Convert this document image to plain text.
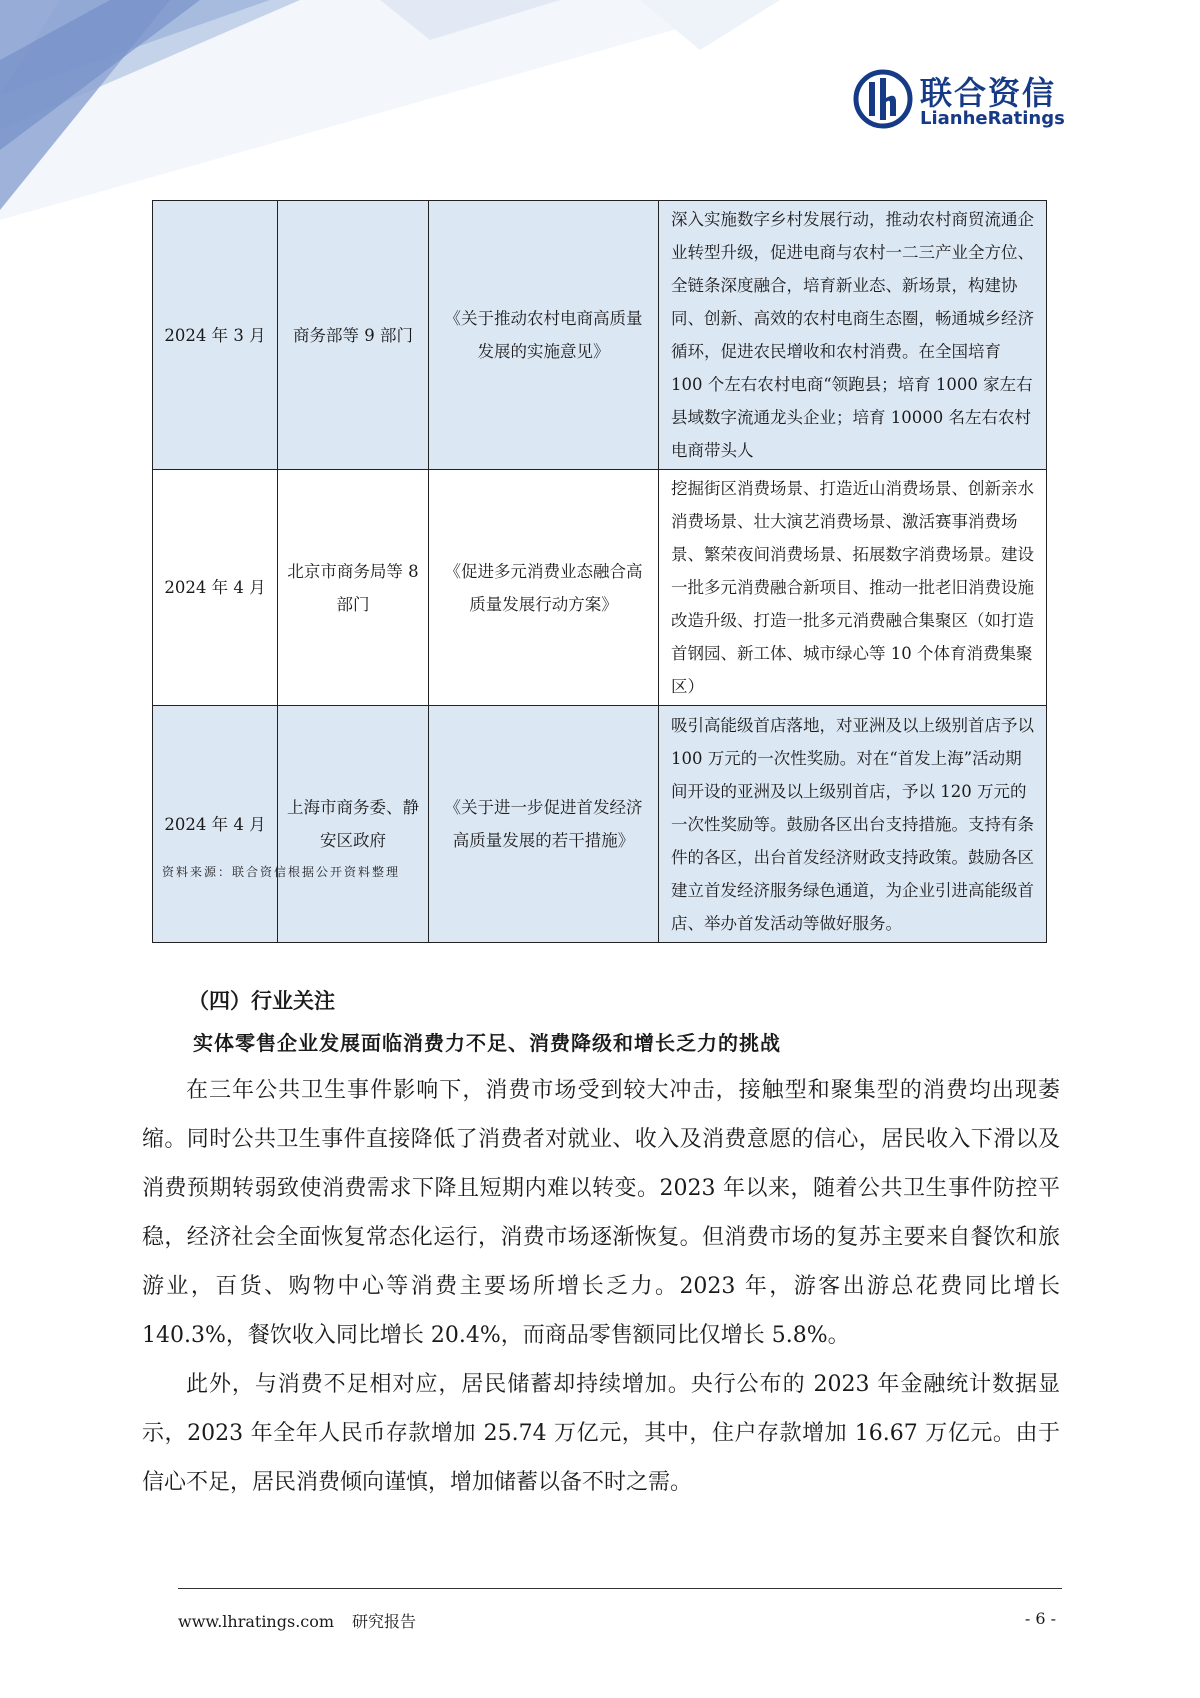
联合资信
LianheRatings
2024 年 3 月	商务部等 9 部门	《关于推动农村电商高质量发展的实施意见》	深入实施数字乡村发展行动，推动农村商贸流通企业转型升级，促进电商与农村一二三产业全方位、全链条深度融合，培育新业态、新场景，构建协同、创新、高效的农村电商生态圈，畅通城乡经济循环，促进农民增收和农村消费。在全国培育 100 个左右农村电商“领跑县；培育 1000 家左右县域数字流通龙头企业；培育 10000 名左右农村电商带头人
2024 年 4 月	北京市商务局等 8 部门	《促进多元消费业态融合高质量发展行动方案》	挖掘街区消费场景、打造近山消费场景、创新亲水消费场景、壮大演艺消费场景、激活赛事消费场景、繁荣夜间消费场景、拓展数字消费场景。建设一批多元消费融合新项目、推动一批老旧消费设施改造升级、打造一批多元消费融合集聚区（如打造首钢园、新工体、城市绿心等 10 个体育消费集聚区）
2024 年 4 月	上海市商务委、静安区政府	《关于进一步促进首发经济高质量发展的若干措施》	吸引高能级首店落地，对亚洲及以上级别首店予以 100 万元的一次性奖励。对在“首发上海”活动期间开设的亚洲及以上级别首店，予以 120 万元的一次性奖励等。鼓励各区出台支持措施。支持有条件的各区，出台首发经济财政支持政策。鼓励各区建立首发经济服务绿色通道，为企业引进高能级首店、举办首发活动等做好服务。
资料来源：联合资信根据公开资料整理
（四）行业关注
实体零售企业发展面临消费力不足、消费降级和增长乏力的挑战

在三年公共卫生事件影响下，消费市场受到较大冲击，接触型和聚集型的消费均出现萎缩。同时公共卫生事件直接降低了消费者对就业、收入及消费意愿的信心，居民收入下滑以及消费预期转弱致使消费需求下降且短期内难以转变。2023 年以来，随着公共卫生事件防控平稳，经济社会全面恢复常态化运行，消费市场逐渐恢复。但消费市场的复苏主要来自餐饮和旅游业，百货、购物中心等消费主要场所增长乏力。2023 年，游客出游总花费同比增长 140.3%，餐饮收入同比增长 20.4%，而商品零售额同比仅增长 5.8%。

此外，与消费不足相对应，居民储蓄却持续增加。央行公布的 2023 年金融统计数据显示，2023 年全年人民币存款增加 25.74 万亿元，其中，住户存款增加 16.67 万亿元。由于信心不足，居民消费倾向谨慎，增加储蓄以备不时之需。

www.lhratings.com 研究报告	- 6 -
